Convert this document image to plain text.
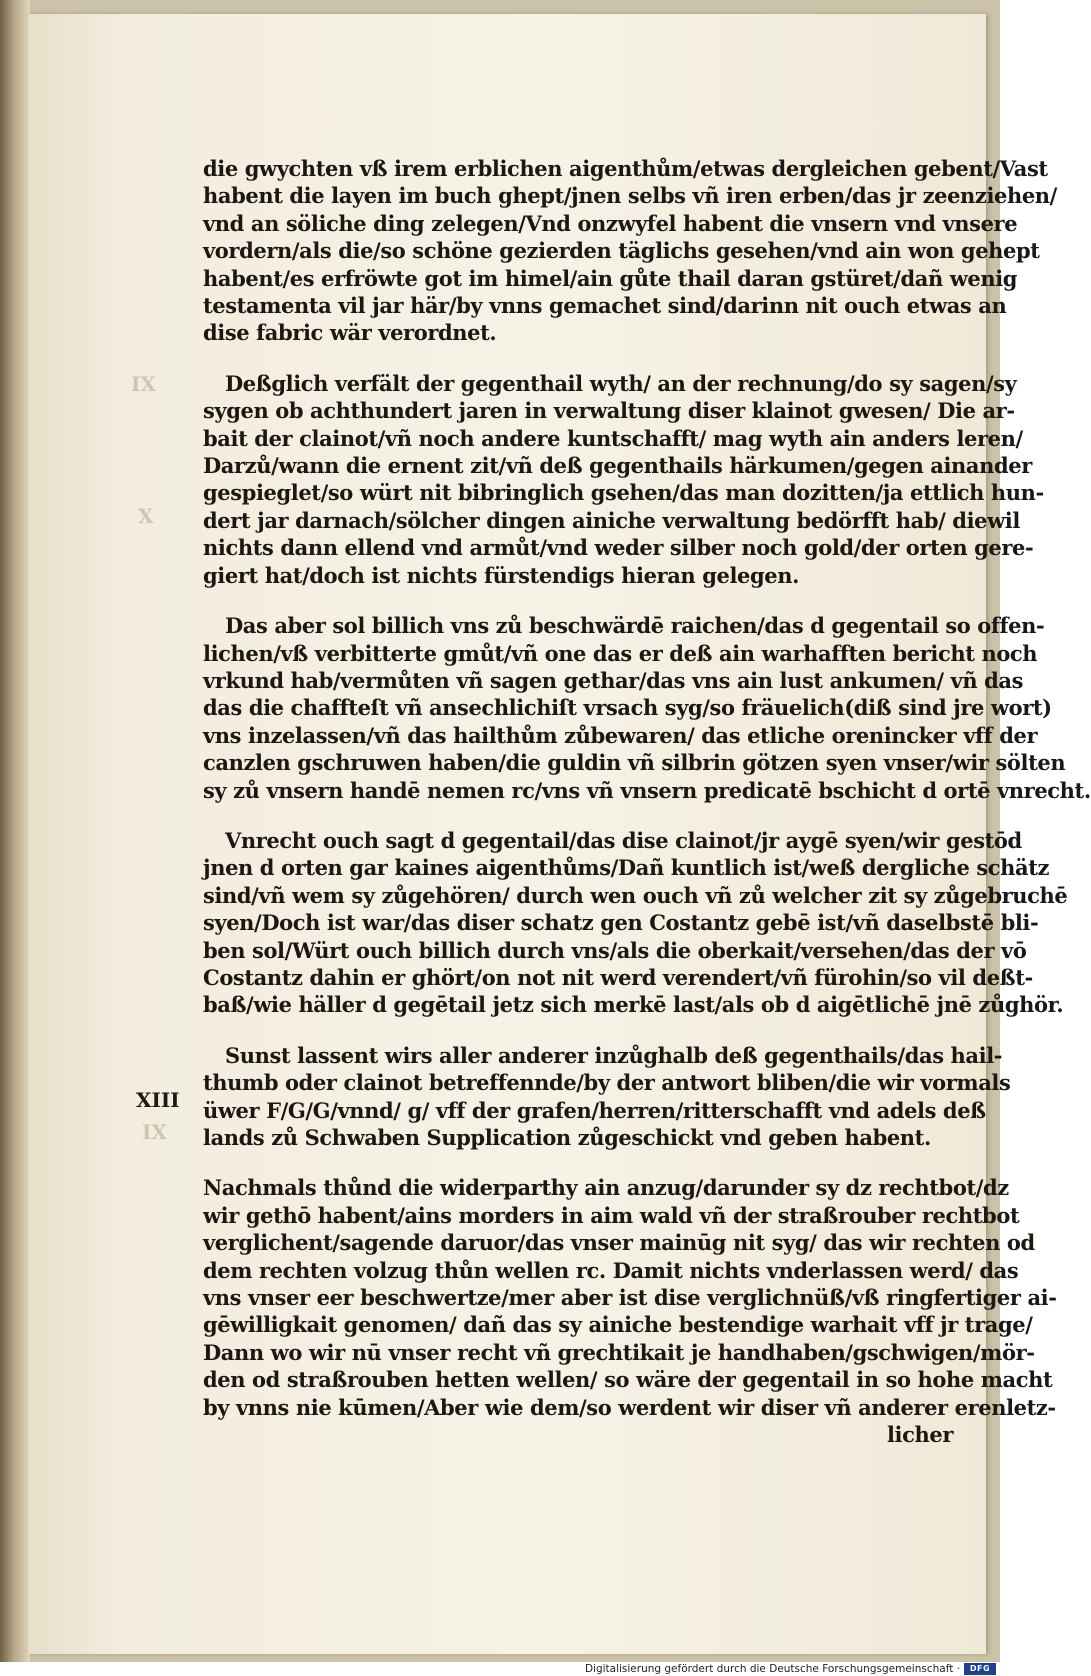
IX
X
XIII
IX
die gwychten vß irem erblichen aigenthům/etwas dergleichen gebent/Vast
habent die layen im buch ghept/jnen selbs vñ iren erben/das jr zeenziehen/
vnd an söliche ding zelegen/Vnd onzwyfel habent die vnsern vnd vnsere
vordern/als die/so schöne gezierden täglichs gesehen/vnd ain won gehept
habent/es erfröwte got im himel/ain gůte thail daran gstüret/dañ wenig
testamenta vil jar här/by vnns gemachet sind/darinn nit ouch etwas an
dise fabric wär verordnet.
Deßglich verfält der gegenthail wyth/ an der rechnung/do sy sagen/sy
sygen ob achthundert jaren in verwaltung diser klainot gwesen/ Die ar-
bait der clainot/vñ noch andere kuntschafft/ mag wyth ain anders leren/
Darzů/wann die ernent zit/vñ deß gegenthails härkumen/gegen ainander
gespieglet/so würt nit bibringlich gsehen/das man dozitten/ja ettlich hun-
dert jar darnach/sölcher dingen ainiche verwaltung bedörfft hab/ diewil
nichts dann ellend vnd armůt/vnd weder silber noch gold/der orten gere-
giert hat/doch ist nichts fürstendigs hieran gelegen.
Das aber sol billich vns zů beschwärdē raichen/das d gegentail so offen-
lichen/vß verbitterte gmůt/vñ one das er deß ain warhafften bericht noch
vrkund hab/vermůten vñ sagen gethar/das vns ain lust ankumen/ vñ das
das die chaffteſt vñ ansechlichiſt vrsach syg/so fräuelich(diß sind jre wort)
vns inzelassen/vñ das hailthům zůbewaren/ das etliche orenincker vff der
canzlen gschruwen haben/die guldin vñ silbrin götzen syen vnser/wir sölten
sy zů vnsern handē nemen rc/vns vñ vnsern predicatē bschicht d ortē vnrecht.
Vnrecht ouch sagt d gegentail/das dise clainot/jr aygē syen/wir gestōd
jnen d orten gar kaines aigenthůms/Dañ kuntlich ist/weß dergliche schätz
sind/vñ wem sy zůgehören/ durch wen ouch vñ zů welcher zit sy zůgebruchē
syen/Doch ist war/das diser schatz gen Costantz gebē ist/vñ daselbstē bli-
ben sol/Würt ouch billich durch vns/als die oberkait/versehen/das der vō
Costantz dahin er ghört/on not nit werd verendert/vñ fürohin/so vil deßt-
baß/wie häller d gegētail jetz sich merkē last/als ob d aigētlichē jnē zůghör.
Sunst lassent wirs aller anderer inzůghalb deß gegenthails/das hail-
thumb oder clainot betreffennde/by der antwort bliben/die wir vormals
üwer F/G/G/vnnd/ g/ vff der grafen/herren/ritterschafft vnd adels deß
lands zů Schwaben Supplication zůgeschickt vnd geben habent.
Nachmals thůnd die widerparthy ain anzug/darunder sy dz rechtbot/dz
wir gethō habent/ains morders in aim wald vñ der straßrouber rechtbot
verglichent/sagende daruor/das vnser mainūg nit syg/ das wir rechten od
dem rechten volzug thůn wellen rc. Damit nichts vnderlassen werd/ das
vns vnser eer beschwertze/mer aber ist dise verglichnüß/vß ringfertiger ai-
gēwilligkait genomen/ dañ das sy ainiche bestendige warhait vff jr trage/
Dann wo wir nū vnser recht vñ grechtikait je handhaben/gschwigen/mör-
den od straßrouben hetten wellen/ so wäre der gegentail in so hohe macht
by vnns nie kūmen/Aber wie dem/so werdent wir diser vñ anderer erenletz-
licher
Digitalisierung gefördert durch die Deutsche Forschungsgemeinschaft ·	DFG
